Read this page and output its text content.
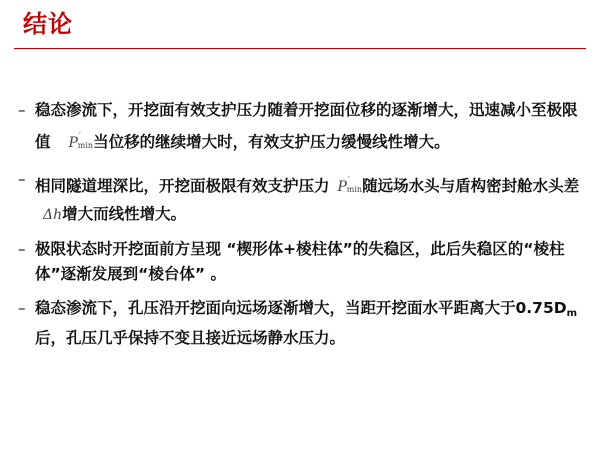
结论
– 稳态渗流下，开挖面有效支护压力随着开挖面位移的逐渐增大，迅速减小至极限值 P′min当位移的继续增大时，有效支护压力缓慢线性增大。
– 相同隧道埋深比，开挖面极限有效支护压力 P′min随远场水头与盾构密封舱水头差Δh增大而线性增大。
– 极限状态时开挖面前方呈现 “楔形体+棱柱体”的失稳区，此后失稳区的“棱柱体”逐渐发展到“棱台体” 。
– 稳态渗流下，孔压沿开挖面向远场逐渐增大，当距开挖面水平距离大于0.75Dm后，孔压几乎保持不变且接近远场静水压力。
